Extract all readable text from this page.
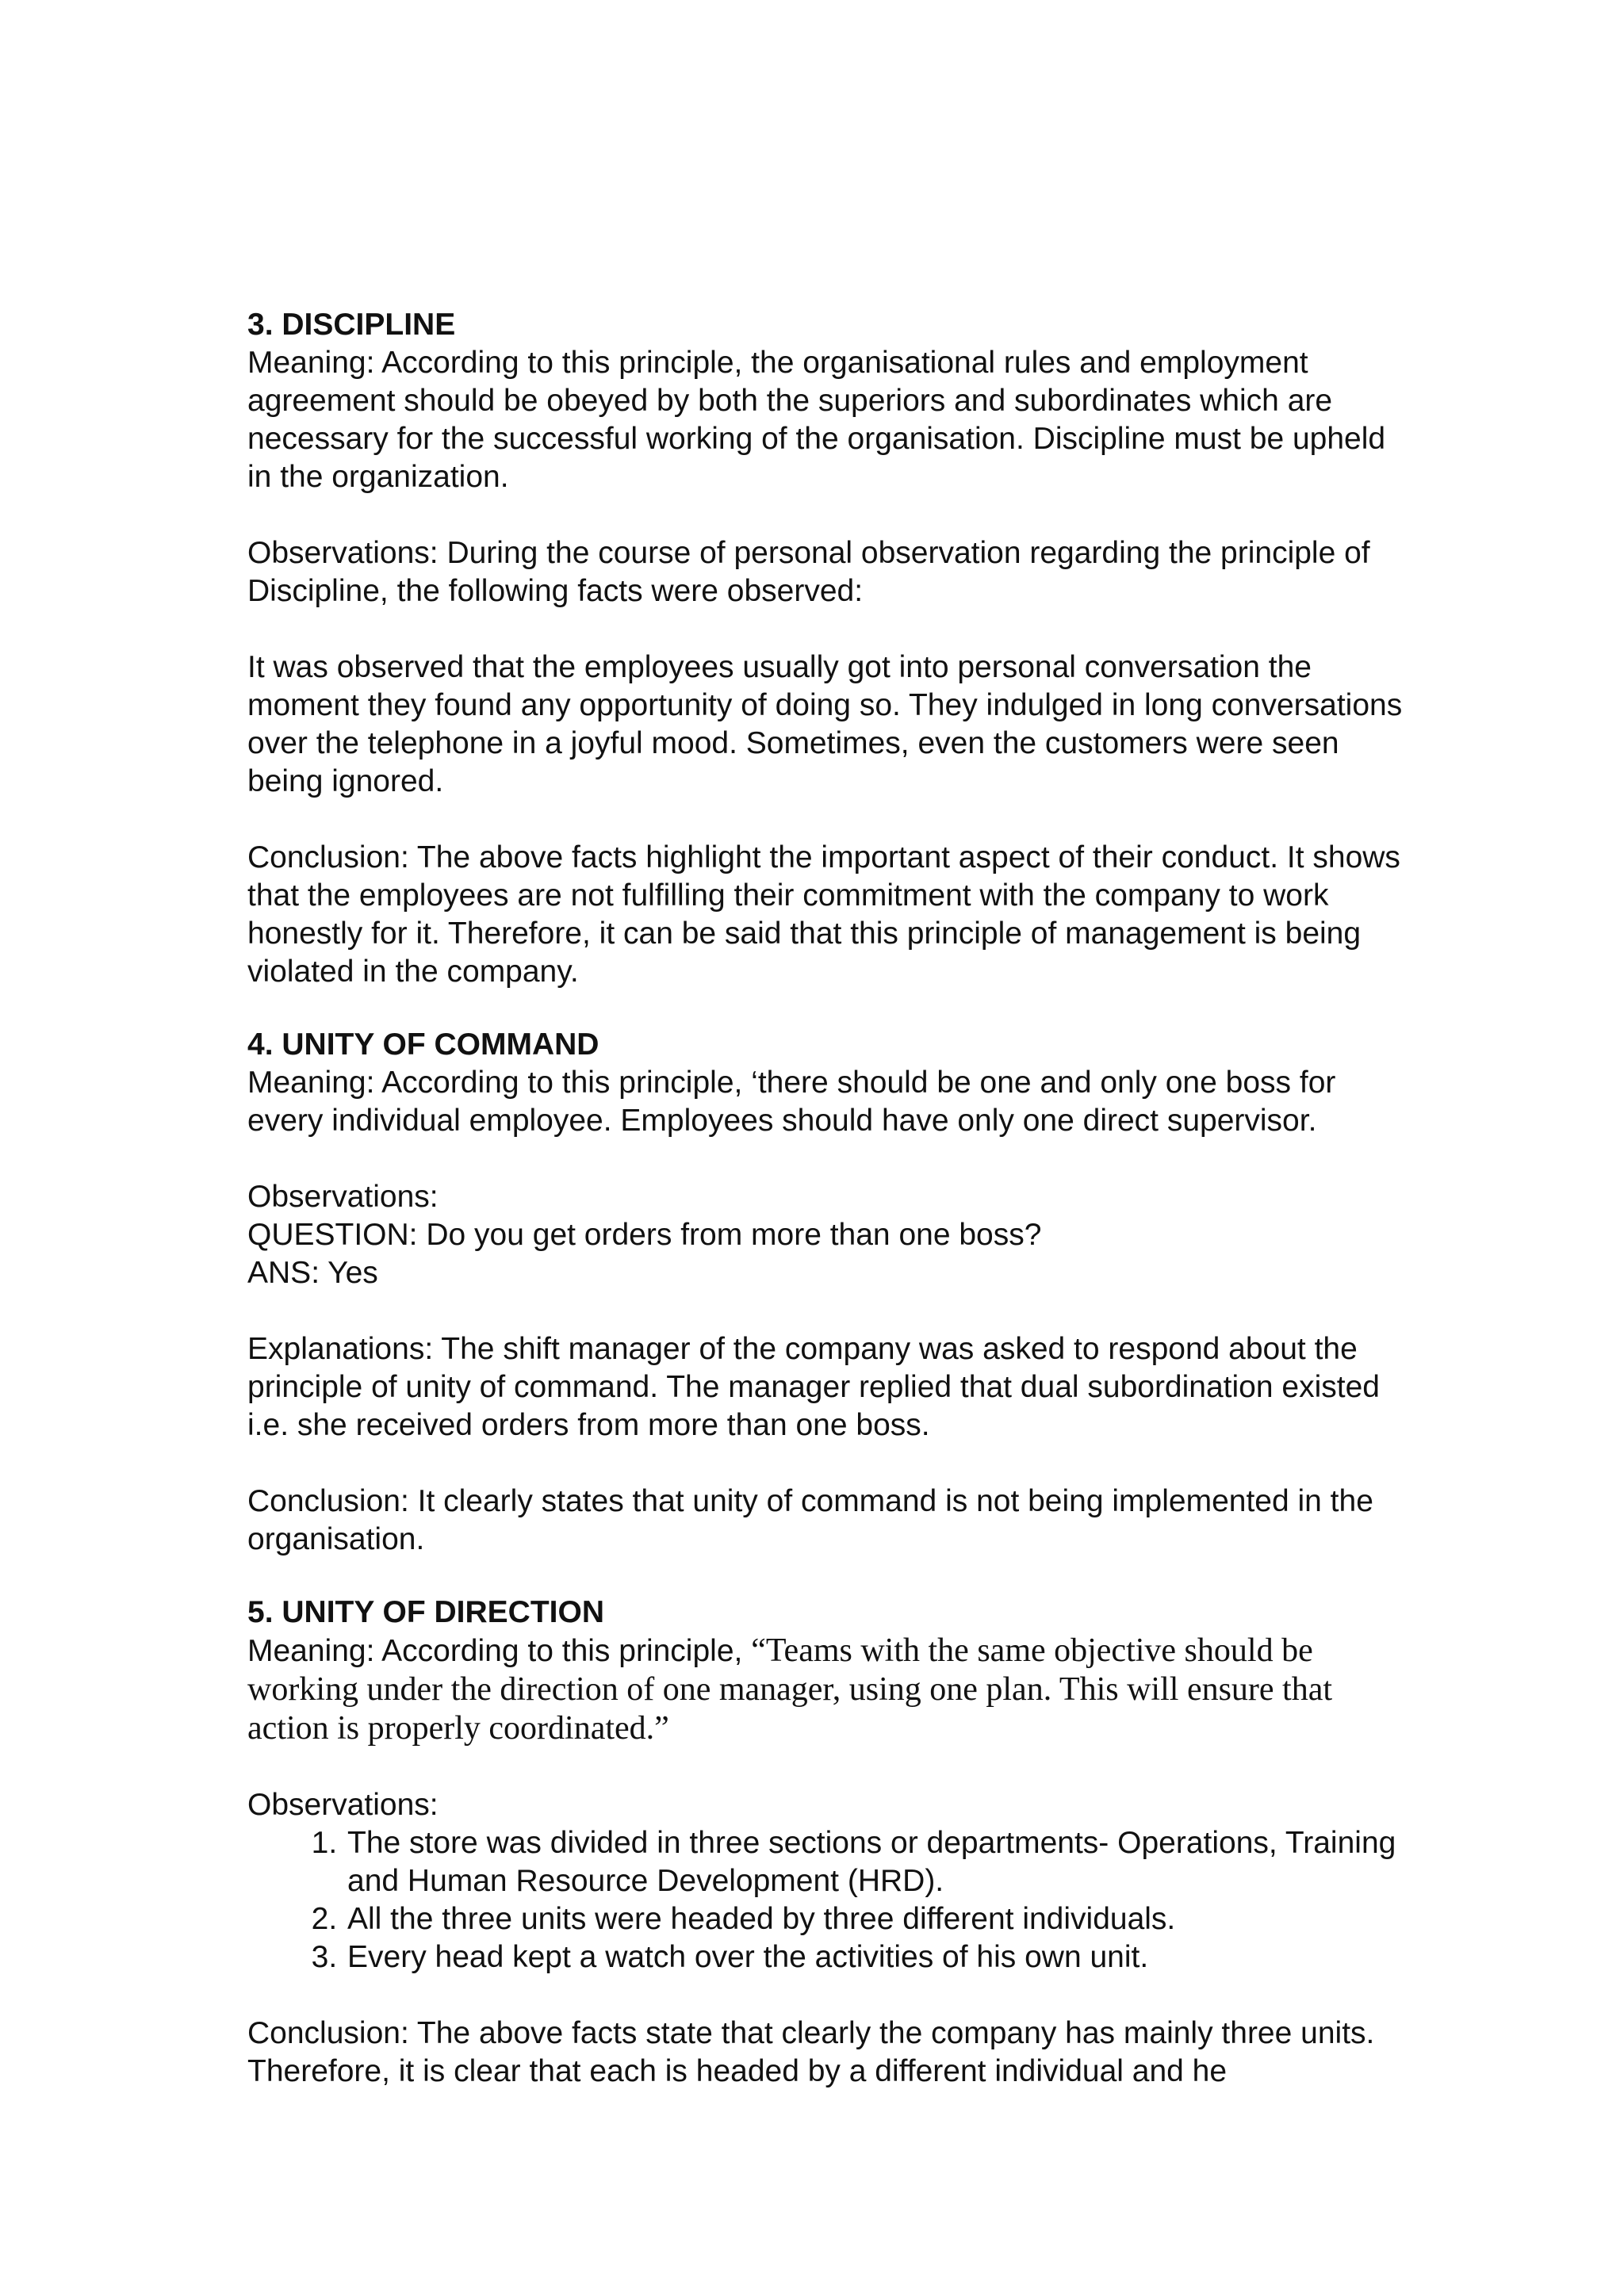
3. DISCIPLINE

Meaning: According to this principle, the organisational rules and employment agreement should be obeyed by both the superiors and subordinates which are necessary for the successful working of the organisation. Discipline must be upheld in the organization.

Observations: During the course of personal observation regarding the principle of Discipline, the following facts were observed:

It was observed that the employees usually got into personal conversation the moment they found any opportunity of doing so. They indulged in long conversations over the telephone in a joyful mood. Sometimes, even the customers were seen being ignored.

Conclusion: The above facts highlight the important aspect of their conduct. It shows that the employees are not fulfilling their commitment with the company to work honestly for it. Therefore, it can be said that this principle of management is being violated in the company.

4. UNITY OF COMMAND

Meaning: According to this principle, ‘there should be one and only one boss for every individual employee. Employees should have only one direct supervisor.

Observations:

QUESTION: Do you get orders from more than one boss?

ANS: Yes

Explanations: The shift manager of the company was asked to respond about the principle of unity of command. The manager replied that dual subordination existed i.e. she received orders from more than one boss.

Conclusion: It clearly states that unity of command is not being implemented in the organisation.

5. UNITY OF DIRECTION

Meaning: According to this principle, “Teams with the same objective should be working under the direction of one manager, using one plan. This will ensure that action is properly coordinated.”

Observations:

1. The store was divided in three sections or departments- Operations, Training and Human Resource Development (HRD).
2. All the three units were headed by three different individuals.
3. Every head kept a watch over the activities of his own unit.

Conclusion: The above facts state that clearly the company has mainly three units. Therefore, it is clear that each is headed by a different individual and he
